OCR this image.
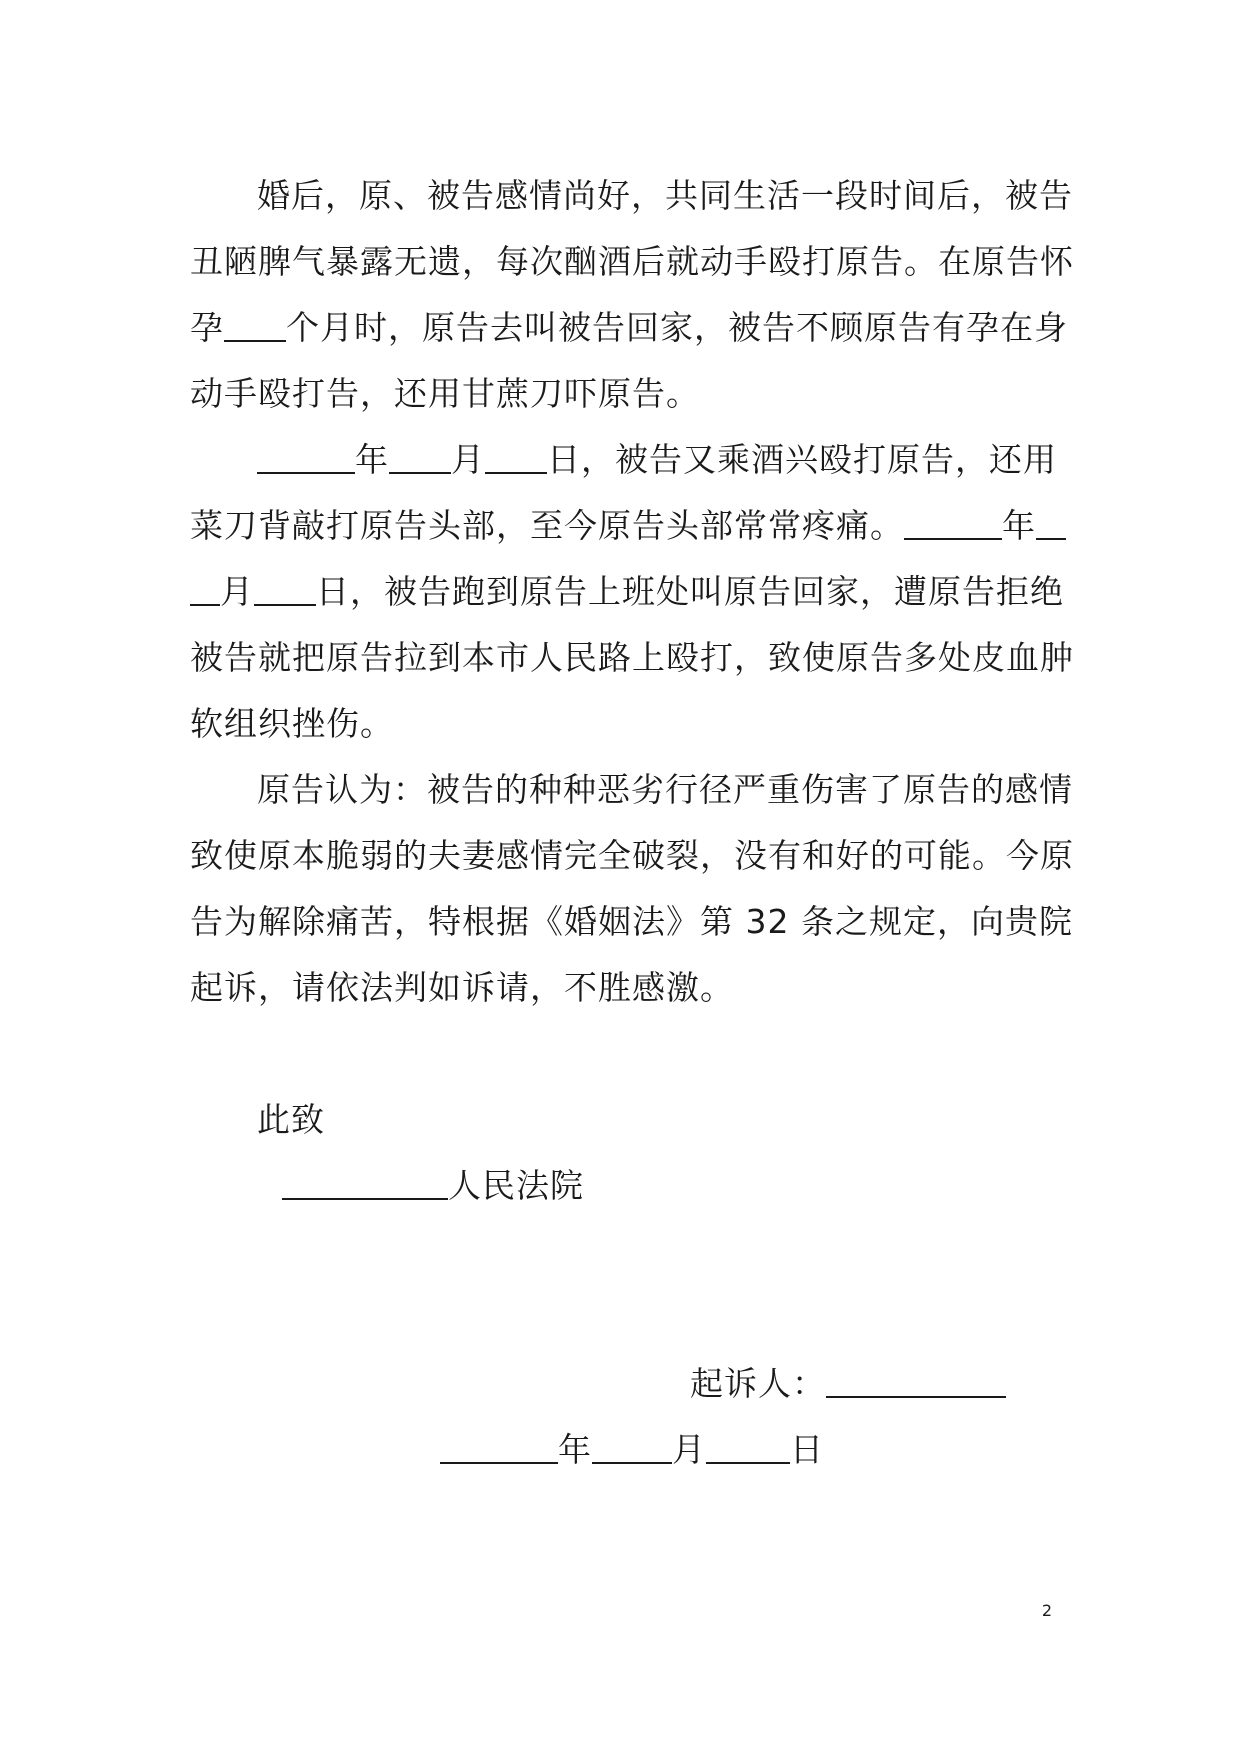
婚后，原、被告感情尚好，共同生活一段时间后，被告
丑陋脾气暴露无遗，每次酗酒后就动手殴打原告。在原告怀
孕 个月时，原告去叫被告回家，被告不顾原告有孕在身
动手殴打告，还用甘蔗刀吓原告。
年 月 日，被告又乘酒兴殴打原告，还用
菜刀背敲打原告头部，至今原告头部常常疼痛。	年
月 日，被告跑到原告上班处叫原告回家，遭原告拒绝
被告就把原告拉到本市人民路上殴打，致使原告多处皮血肿
软组织挫伤。
原告认为：被告的种种恶劣行径严重伤害了原告的感情
致使原本脆弱的夫妻感情完全破裂，没有和好的可能。今原
告为解除痛苦，特根据《婚姻法》第 32 条之规定，向贵院
起诉，请依法判如诉请，不胜感激。
此致
人民法院
起诉人：
年 月	日
2
